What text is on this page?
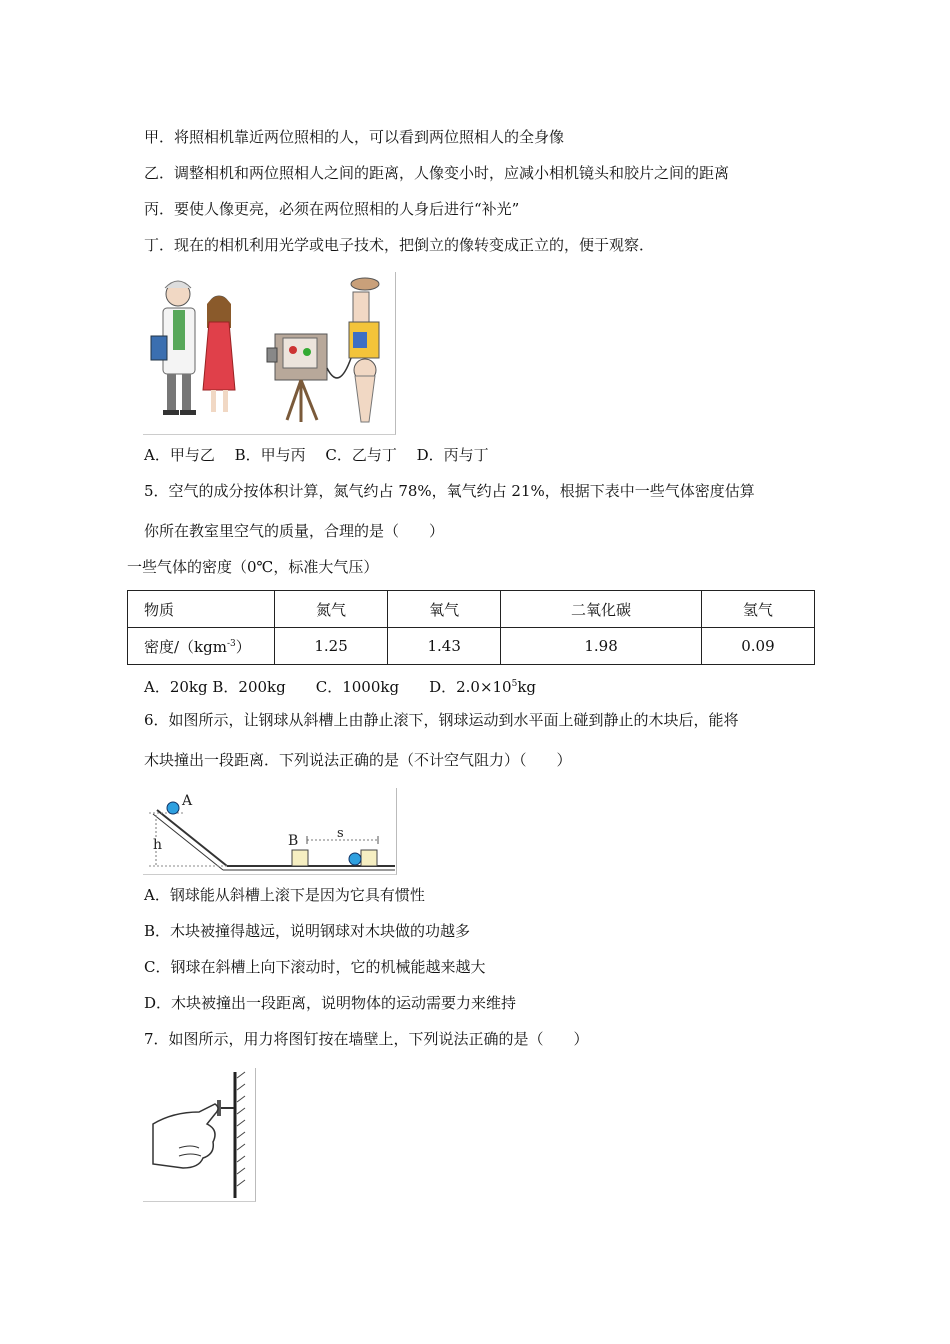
甲．将照相机靠近两位照相的人，可以看到两位照相人的全身像
乙．调整相机和两位照相人之间的距离，人像变小时，应减小相机镜头和胶片之间的距离
丙．要使人像更亮，必须在两位照相的人身后进行“补光”
丁．现在的相机利用光学或电子技术，把倒立的像转变成正立的，便于观察．
A．甲与乙　 B．甲与丙　 C．乙与丁　 D．丙与丁
5．空气的成分按体积计算，氮气约占 78%，氧气约占 21%，根据下表中一些气体密度估算
你所在教室里空气的质量，合理的是（　　）
一些气体的密度（0℃，标准大气压）
物质	氮气	氧气	二氧化碳	氢气
密度/（kgm$^{-3}$）	1.25	1.43	1.98	0.09
A．20kg B．200kg　　C．1000kg　　D．$2.0\times 10^5kg$
6．如图所示，让钢球从斜槽上由静止滚下，钢球运动到水平面上碰到静止的木块后，能将
木块撞出一段距离．下列说法正确的是（不计空气阻力）（　　）
h
A
B	s
A．钢球能从斜槽上滚下是因为它具有惯性
B．木块被撞得越远，说明钢球对木块做的功越多
C．钢球在斜槽上向下滚动时，它的机械能越来越大
D．木块被撞出一段距离，说明物体的运动需要力来维持
7．如图所示，用力将图钉按在墙壁上，下列说法正确的是（　　）
